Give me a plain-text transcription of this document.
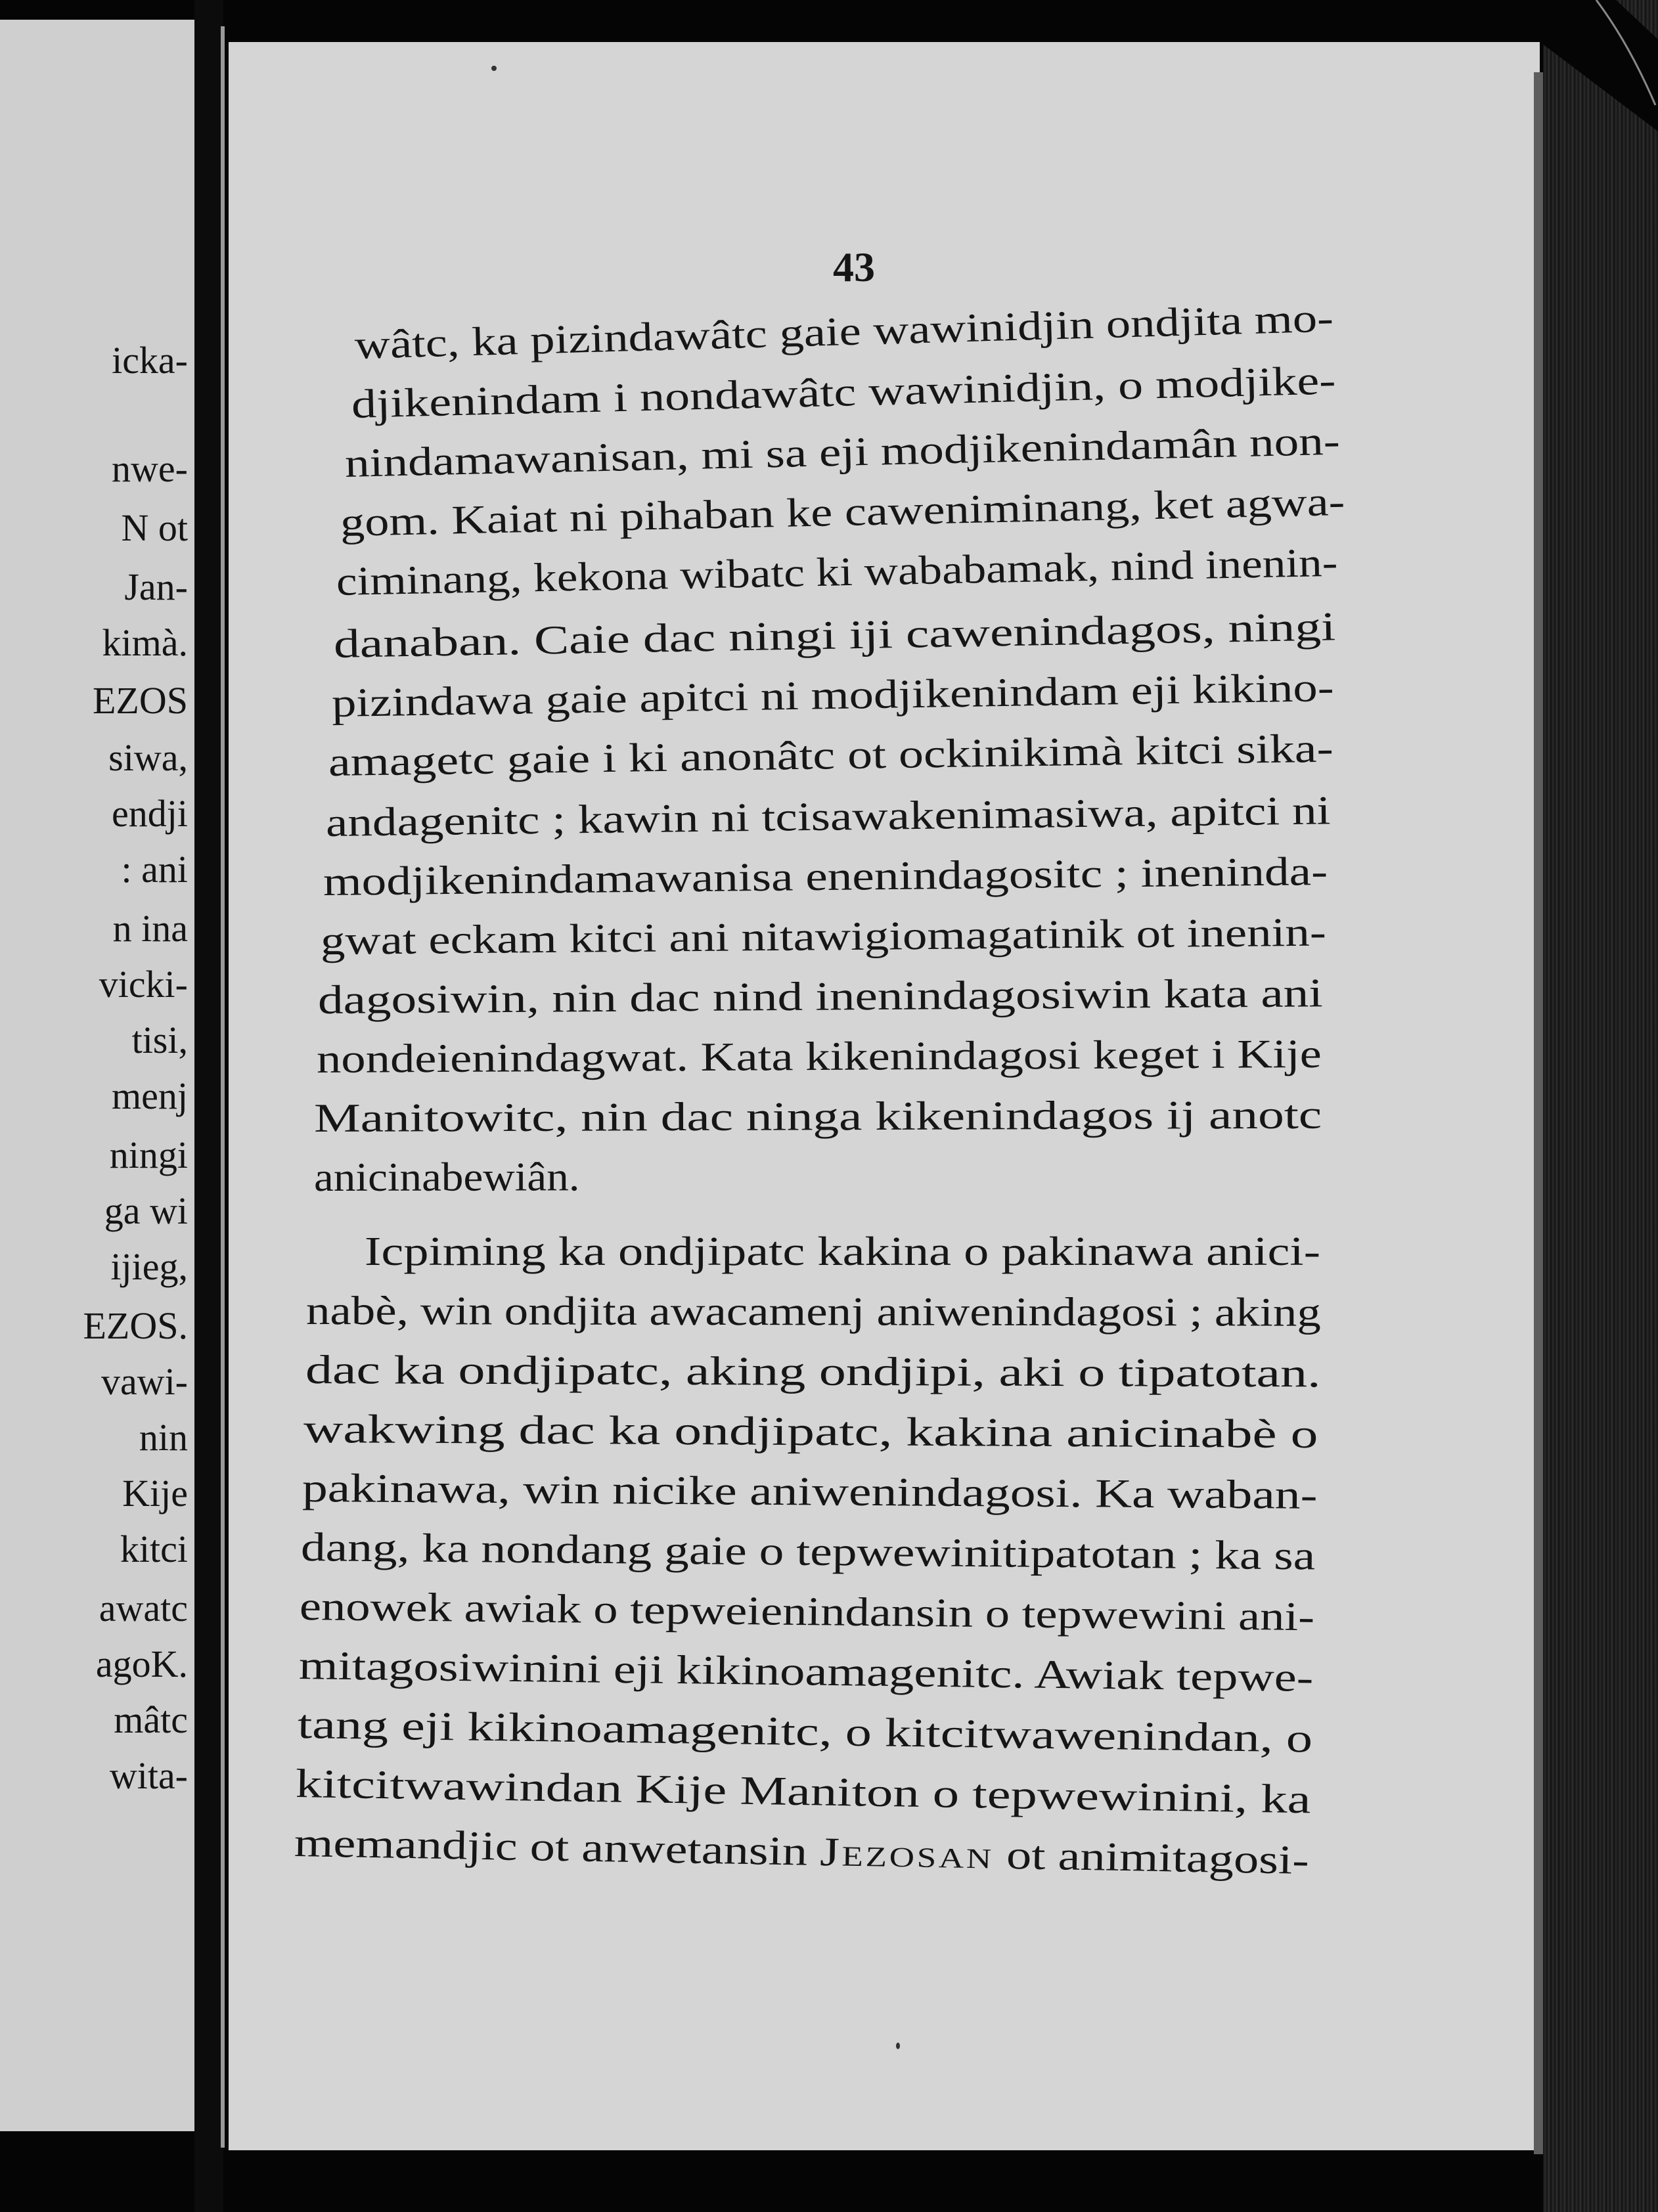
icka-
nwe-
N ot
Jan-
kimà.
EZOS
siwa,
endji
: ani
n ina
vicki-
tisi,
menj
ningi
ga wi
ijieg,
EZOS.
vawi-
nin
Kije
kitci
awatc
agoK.
mâtc
wita-
43
wâtc, ka pizindawâtc gaie wawinidjin ondjita mo-
djikenindam i nondawâtc wawinidjin, o modjike-
nindamawanisan, mi sa eji modjikenindamân non-
gom. Kaiat ni pihaban ke caweniminang, ket agwa-
ciminang, kekona wibatc ki wababamak, nind inenin-
danaban. Caie dac ningi iji cawenindagos, ningi
pizindawa gaie apitci ni modjikenindam eji kikino-
amagetc gaie i ki anonâtc ot ockinikimà kitci sika-
andagenitc ; kawin ni tcisawakenimasiwa, apitci ni
modjikenindamawanisa enenindagositc ; ineninda-
gwat eckam kitci ani nitawigiomagatinik ot inenin-
dagosiwin, nin dac nind inenindagosiwin kata ani
nondeienindagwat. Kata kikenindagosi keget i Kije
Manitowitc, nin dac ninga kikenindagos ij anotc
anicinabewiân.
Icpiming ka ondjipatc kakina o pakinawa anici-
nabè, win ondjita awacamenj aniwenindagosi ; aking
dac ka ondjipatc, aking ondjipi, aki o tipatotan.
wakwing dac ka ondjipatc, kakina anicinabè o
pakinawa, win nicike aniwenindagosi. Ka waban-
dang, ka nondang gaie o tepwewinitipatotan ; ka sa
enowek awiak o tepweienindansin o tepwewini ani-
mitagosiwinini eji kikinoamagenitc. Awiak tepwe-
tang eji kikinoamagenitc, o kitcitwawenindan, o
kitcitwawindan Kije Maniton o tepwewinini, ka
memandjic ot anwetansin Jezosan ot animitagosi-
